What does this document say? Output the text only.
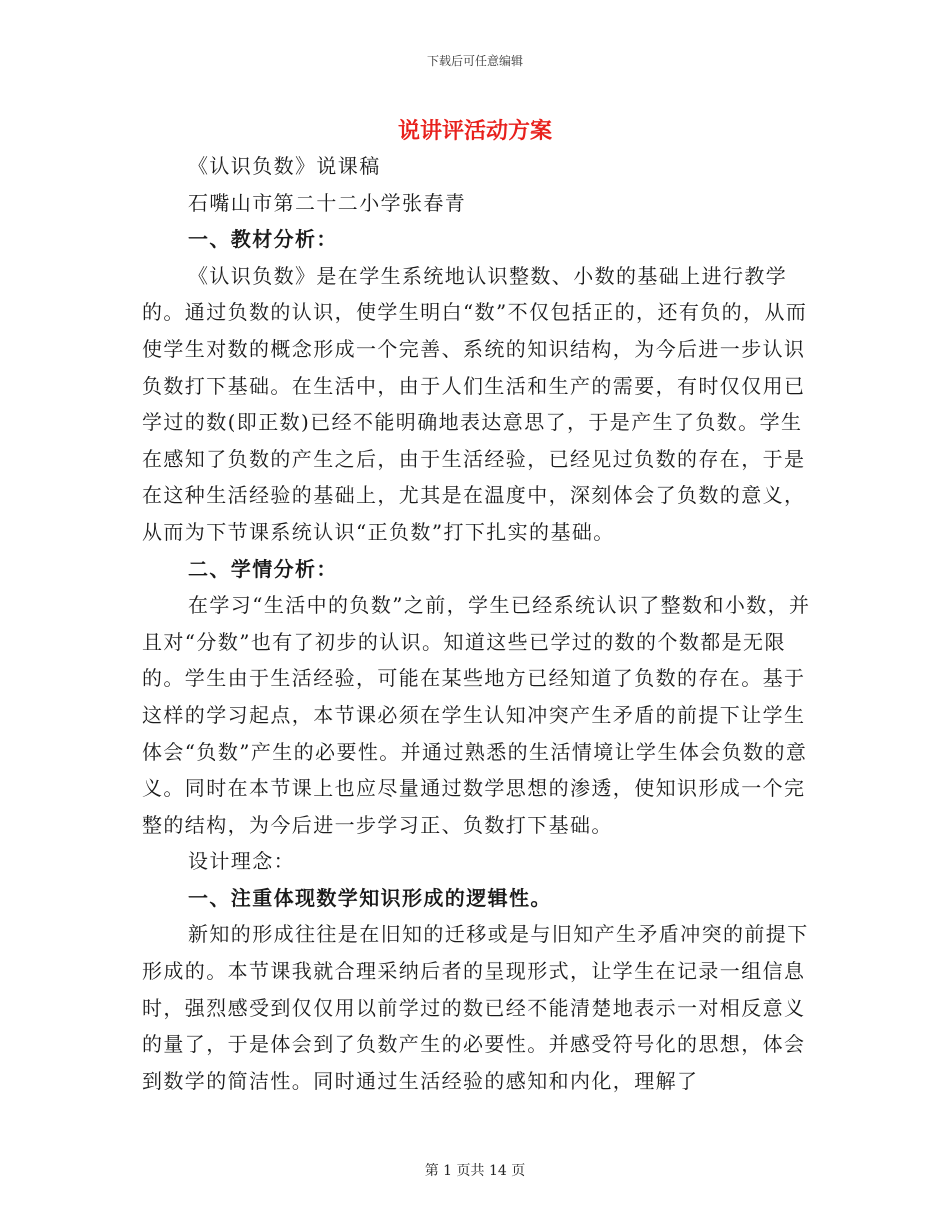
下载后可任意编辑
说讲评活动方案

《认识负数》说课稿

石嘴山市第二十二小学张春青

一、教材分析：

《认识负数》是在学生系统地认识整数、小数的基础上进行教学的。通过负数的认识，使学生明白“数”不仅包括正的，还有负的，从而使学生对数的概念形成一个完善、系统的知识结构，为今后进一步认识负数打下基础。在生活中，由于人们生活和生产的需要，有时仅仅用已学过的数(即正数)已经不能明确地表达意思了，于是产生了负数。学生在感知了负数的产生之后，由于生活经验，已经见过负数的存在，于是在这种生活经验的基础上，尤其是在温度中，深刻体会了负数的意义，从而为下节课系统认识“正负数”打下扎实的基础。

二、学情分析：

在学习“生活中的负数”之前，学生已经系统认识了整数和小数，并且对“分数”也有了初步的认识。知道这些已学过的数的个数都是无限的。学生由于生活经验，可能在某些地方已经知道了负数的存在。基于这样的学习起点，本节课必须在学生认知冲突产生矛盾的前提下让学生体会“负数”产生的必要性。并通过熟悉的生活情境让学生体会负数的意义。同时在本节课上也应尽量通过数学思想的渗透，使知识形成一个完整的结构，为今后进一步学习正、负数打下基础。

设计理念：

一、注重体现数学知识形成的逻辑性。

新知的形成往往是在旧知的迁移或是与旧知产生矛盾冲突的前提下形成的。本节课我就合理采纳后者的呈现形式，让学生在记录一组信息时，强烈感受到仅仅用以前学过的数已经不能清楚地表示一对相反意义的量了，于是体会到了负数产生的必要性。并感受符号化的思想，体会到数学的简洁性。同时通过生活经验的感知和内化，理解了

第 1 页共 14 页
